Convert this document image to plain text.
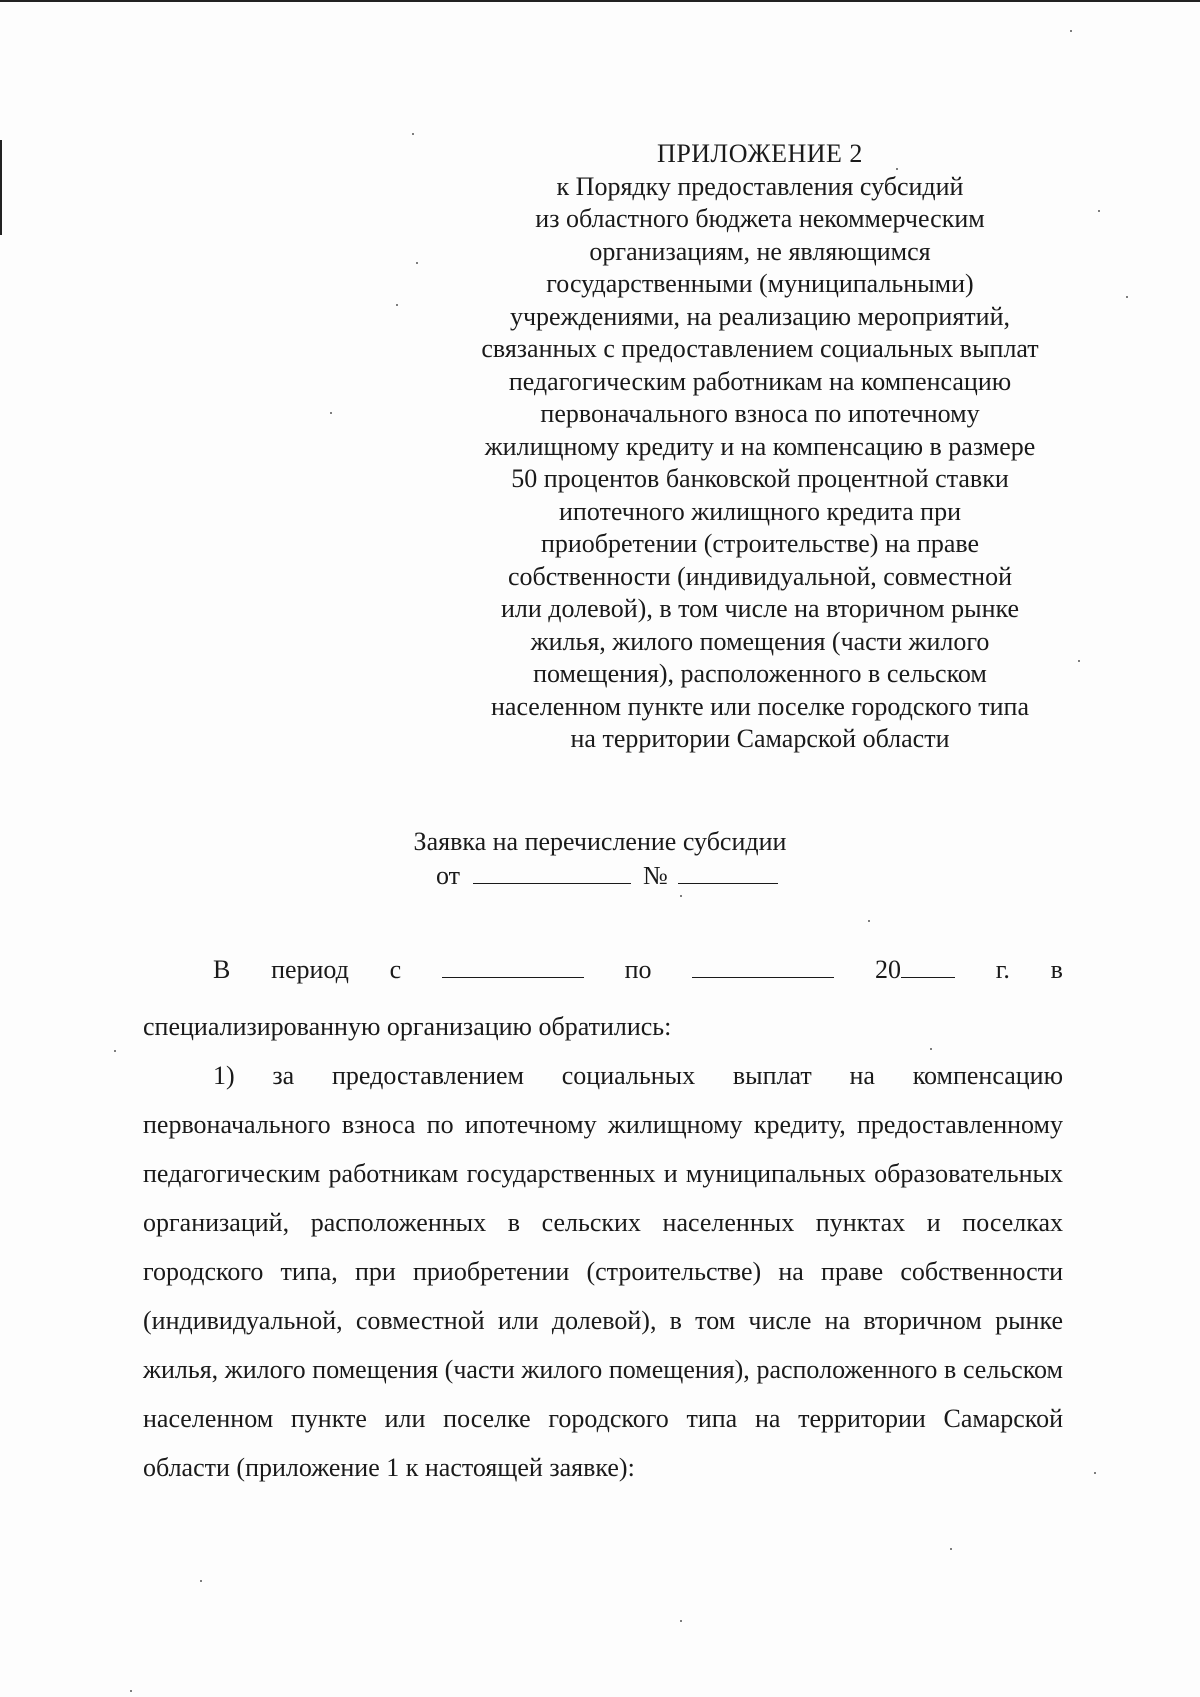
ПРИЛОЖЕНИЕ 2
к Порядку предоставления субсидий
из областного бюджета некоммерческим
организациям, не являющимся
государственными (муниципальными)
учреждениями, на реализацию мероприятий,
связанных с предоставлением социальных выплат
педагогическим работникам на компенсацию
первоначального взноса по ипотечному
жилищному кредиту и на компенсацию в размере
50 процентов банковской процентной ставки
ипотечного жилищного кредита при
приобретении (строительстве) на праве
собственности (индивидуальной, совместной
или долевой), в том числе на вторичном рынке
жилья, жилого помещения (части жилого
помещения), расположенного в сельском
населенном пункте или поселке городского типа
на территории Самарской области
Заявка на перечисление субсидии
от	№
В период с	по	20	г. в
специализированную организацию обратились:
1) за предоставлением социальных выплат на компенсацию первоначального взноса по ипотечному жилищному кредиту, предоставленному педагогическим работникам государственных и муниципальных образовательных организаций, расположенных в сельских населенных пунктах и поселках городского типа, при приобретении (строительстве) на праве собственности (индивидуальной, совместной или долевой), в том числе на вторичном рынке жилья, жилого помещения (части жилого помещения), расположенного в сельском населенном пункте или поселке городского типа на территории Самарской области (приложение 1 к настоящей заявке):
